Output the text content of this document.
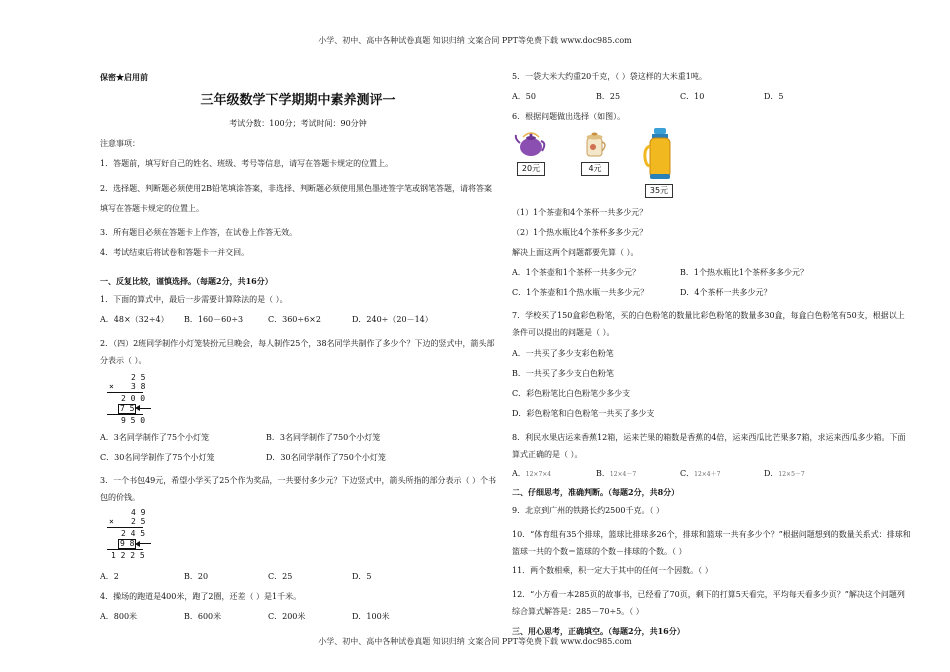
小学、初中、高中各种试卷真题 知识归纳 文案合同 PPT等免费下载 www.doc985.com
保密★启用前
三年级数学下学期期中素养测评一
考试分数：100分；考试时间：90分钟
注意事项：
1．答题前，填写好自己的姓名、班级、考号等信息，请写在答题卡规定的位置上。
2．选择题、判断题必须使用2B铅笔填涂答案，非选择、判断题必须使用黑色墨迹签字笔或钢笔答题，请将答案填写在答题卡规定的位置上。
3．所有题目必须在答题卡上作答，在试卷上作答无效。
4．考试结束后将试卷和答题卡一并交回。
一、反复比较，谨慎选择。（每题2分，共16分）
1．下面的算式中，最后一步需要计算除法的是（ ）。
A．48×（32÷4）	B．160－60÷3	C．360÷6×2	D．240÷（20－14）
2．（四）2班同学制作小灯笼装扮元旦晚会，每人制作25个，38名同学共制作了多少个？下边的竖式中，箭头部分表示（ ）。
2 5
× 3 8
2 0 0
7 5
9 5 0
A．3名同学制作了75个小灯笼	B．3名同学制作了750个小灯笼
C．30名同学制作了75个小灯笼	D．30名同学制作了750个小灯笼
3．一个书包49元，希望小学买了25个作为奖品，一共要付多少元？下边竖式中，箭头所指的部分表示（ ）个书包的价钱。
4 9
× 2 5
2 4 5
9 8
1 2 2 5
A．2	B．20	C．25	D．5
4．操场的跑道是400米，跑了2圈，还差（ ）是1千米。
A．800米	B．600米	C．200米	D．100米
5．一袋大米大约重20千克，（ ）袋这样的大米重1吨。
A．50	B．25	C．10	D．5
6．根据问题做出选择（如图）。
20元	4元
35元
（1）1个茶壶和4个茶杯一共多少元？
（2）1个热水瓶比4个茶杯多多少元？
解决上面这两个问题都要先算（ ）。
A．1个茶壶和1个茶杯一共多少元？	B．1个热水瓶比1个茶杯多多少元？
C．1个茶壶和1个热水瓶一共多少元？	D．4个茶杯一共多少元？
7．学校买了150盒彩色粉笔，买的白色粉笔的数量比彩色粉笔的数量多30盒，每盒白色粉笔有50支，根据以上条件可以提出的问题是（ ）。
A．一共买了多少支彩色粉笔
B．一共买了多少支白色粉笔
C．彩色粉笔比白色粉笔少多少支
D．彩色粉笔和白色粉笔一共买了多少支
8．利民水果店运来香蕉12箱，运来芒果的箱数是香蕉的4倍，运来西瓜比芒果多7箱，求运来西瓜多少箱。下面算式正确的是（ ）。
A．12×7×4	B．12×4－7	C．12×4＋7	D．12×5－7
二、仔细思考，准确判断。（每题2分，共8分）
9．北京到广州的铁路长约2500千克。（ ）
10．“体育组有35个排球，篮球比排球多26个，排球和篮球一共有多少个？”根据问题想到的数量关系式：排球和篮球一共的个数＝篮球的个数－排球的个数。（ ）
11．两个数相乘，积一定大于其中的任何一个因数。（ ）
12．“小方看一本285页的故事书，已经看了70页，剩下的打算5天看完，平均每天看多少页？”解决这个问题列综合算式解答是：285－70÷5。（ ）
三、用心思考，正确填空。（每题2分，共16分）
小学、初中、高中各种试卷真题 知识归纳 文案合同 PPT等免费下载 www.doc985.com
